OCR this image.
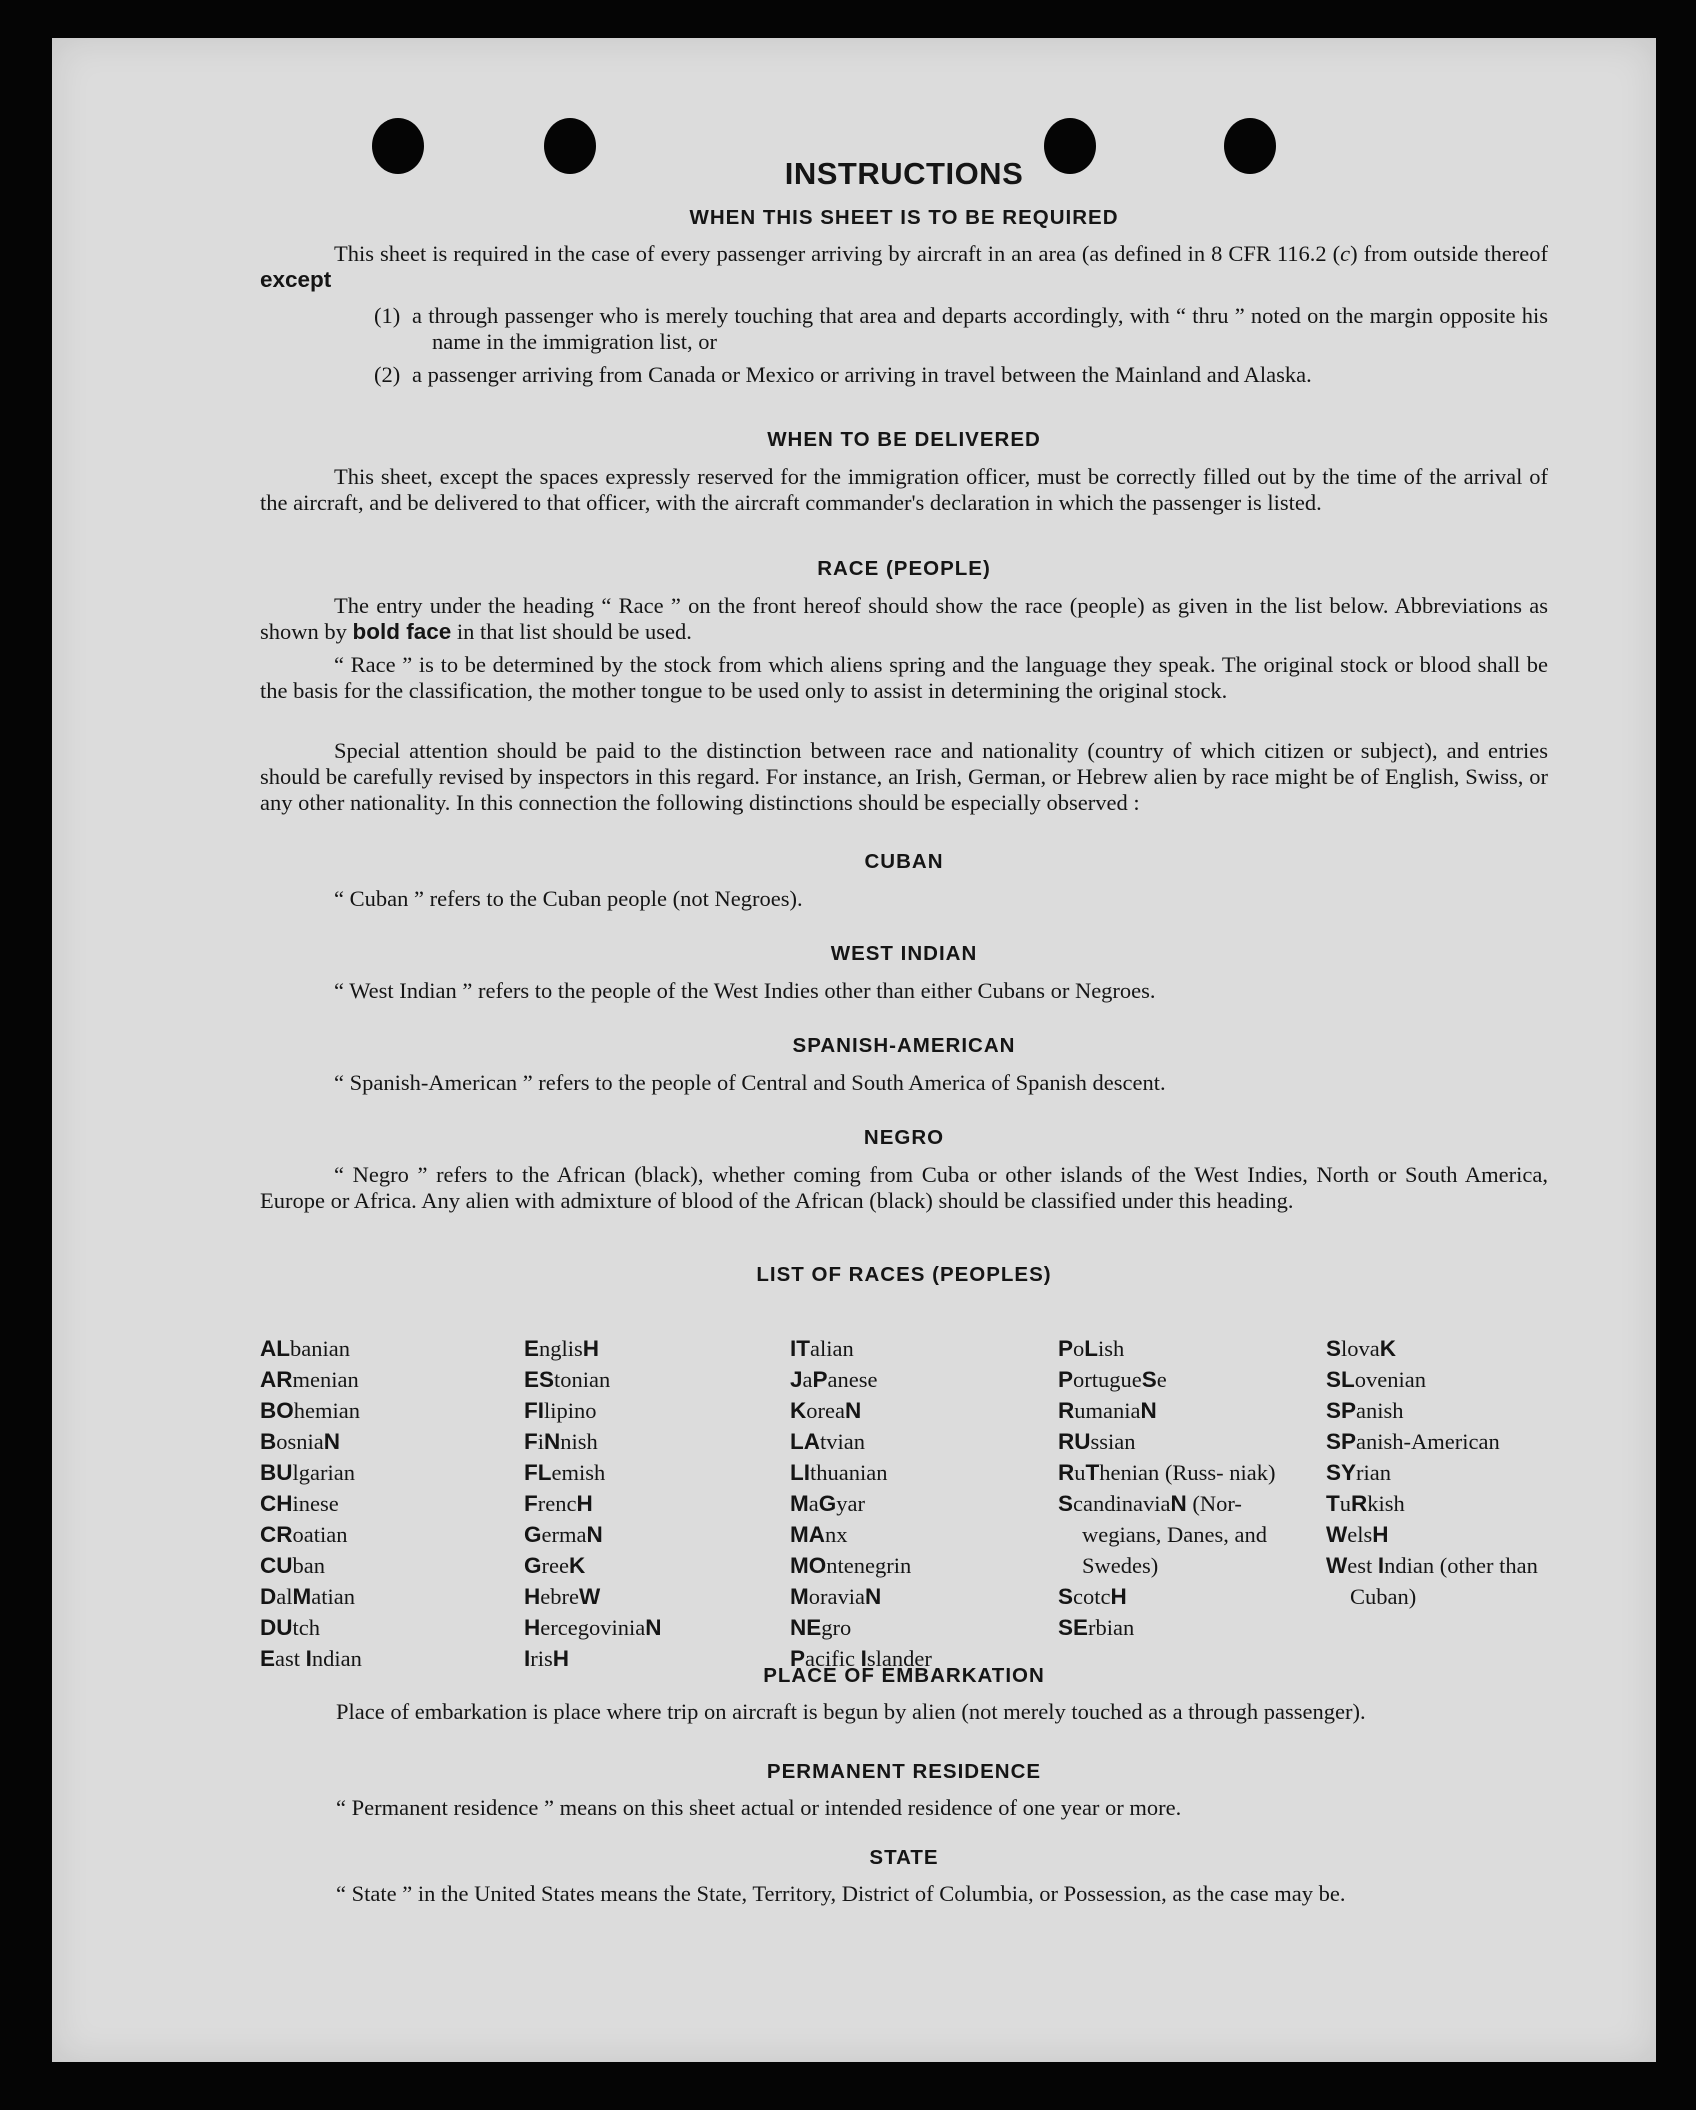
INSTRUCTIONS
WHEN THIS SHEET IS TO BE REQUIRED
This sheet is required in the case of every passenger arriving by aircraft in an area (as defined in 8 CFR 116.2 (c) from outside thereof except
(1) a through passenger who is merely touching that area and departs accordingly, with “ thru ” noted on the margin opposite his name in the immigration list, or
(2) a passenger arriving from Canada or Mexico or arriving in travel between the Mainland and Alaska.
WHEN TO BE DELIVERED
This sheet, except the spaces expressly reserved for the immigration officer, must be correctly filled out by the time of the arrival of the aircraft, and be delivered to that officer, with the aircraft commander's declaration in which the passenger is listed.
RACE (PEOPLE)
The entry under the heading “ Race ” on the front hereof should show the race (people) as given in the list below. Abbreviations as shown by bold face in that list should be used.
“ Race ” is to be determined by the stock from which aliens spring and the language they speak. The original stock or blood shall be the basis for the classification, the mother tongue to be used only to assist in determining the original stock.
Special attention should be paid to the distinction between race and nationality (country of which citizen or subject), and entries should be carefully revised by inspectors in this regard. For instance, an Irish, German, or Hebrew alien by race might be of English, Swiss, or any other nationality. In this connection the following distinctions should be especially observed :
CUBAN
“ Cuban ” refers to the Cuban people (not Negroes).
WEST INDIAN
“ West Indian ” refers to the people of the West Indies other than either Cubans or Negroes.
SPANISH-AMERICAN
“ Spanish-American ” refers to the people of Central and South America of Spanish descent.
NEGRO
“ Negro ” refers to the African (black), whether coming from Cuba or other islands of the West Indies, North or South America, Europe or Africa. Any alien with admixture of blood of the African (black) should be classified under this heading.
LIST OF RACES (PEOPLES)
ALbanian
ARmenian
BOhemian
BosniaN
BUlgarian
CHinese
CRoatian
CUban
DalMatian
DUtch
East Indian
EnglisH
EStonian
FIlipino
FiNnish
FLemish
FrencH
GermaN
GreeK
HebreW
HercegoviniaN
IrisH
ITalian
JaPanese
KoreaN
LAtvian
LIthuanian
MaGyar
MAnx
MOntenegrin
MoraviaN
NEgro
Pacific Islander
PoLish
PortugueSe
RumaniaN
RUssian
RuThenian (Russ- niak)
ScandinaviaN (Nor- wegians, Danes, and Swedes)
ScotcH
SErbian
SlovaK
SLovenian
SPanish
SPanish-American
SYrian
TuRkish
WelsH
West Indian (other than Cuban)
PLACE OF EMBARKATION
Place of embarkation is place where trip on aircraft is begun by alien (not merely touched as a through passenger).
PERMANENT RESIDENCE
“ Permanent residence ” means on this sheet actual or intended residence of one year or more.
STATE
“ State ” in the United States means the State, Territory, District of Columbia, or Possession, as the case may be.
